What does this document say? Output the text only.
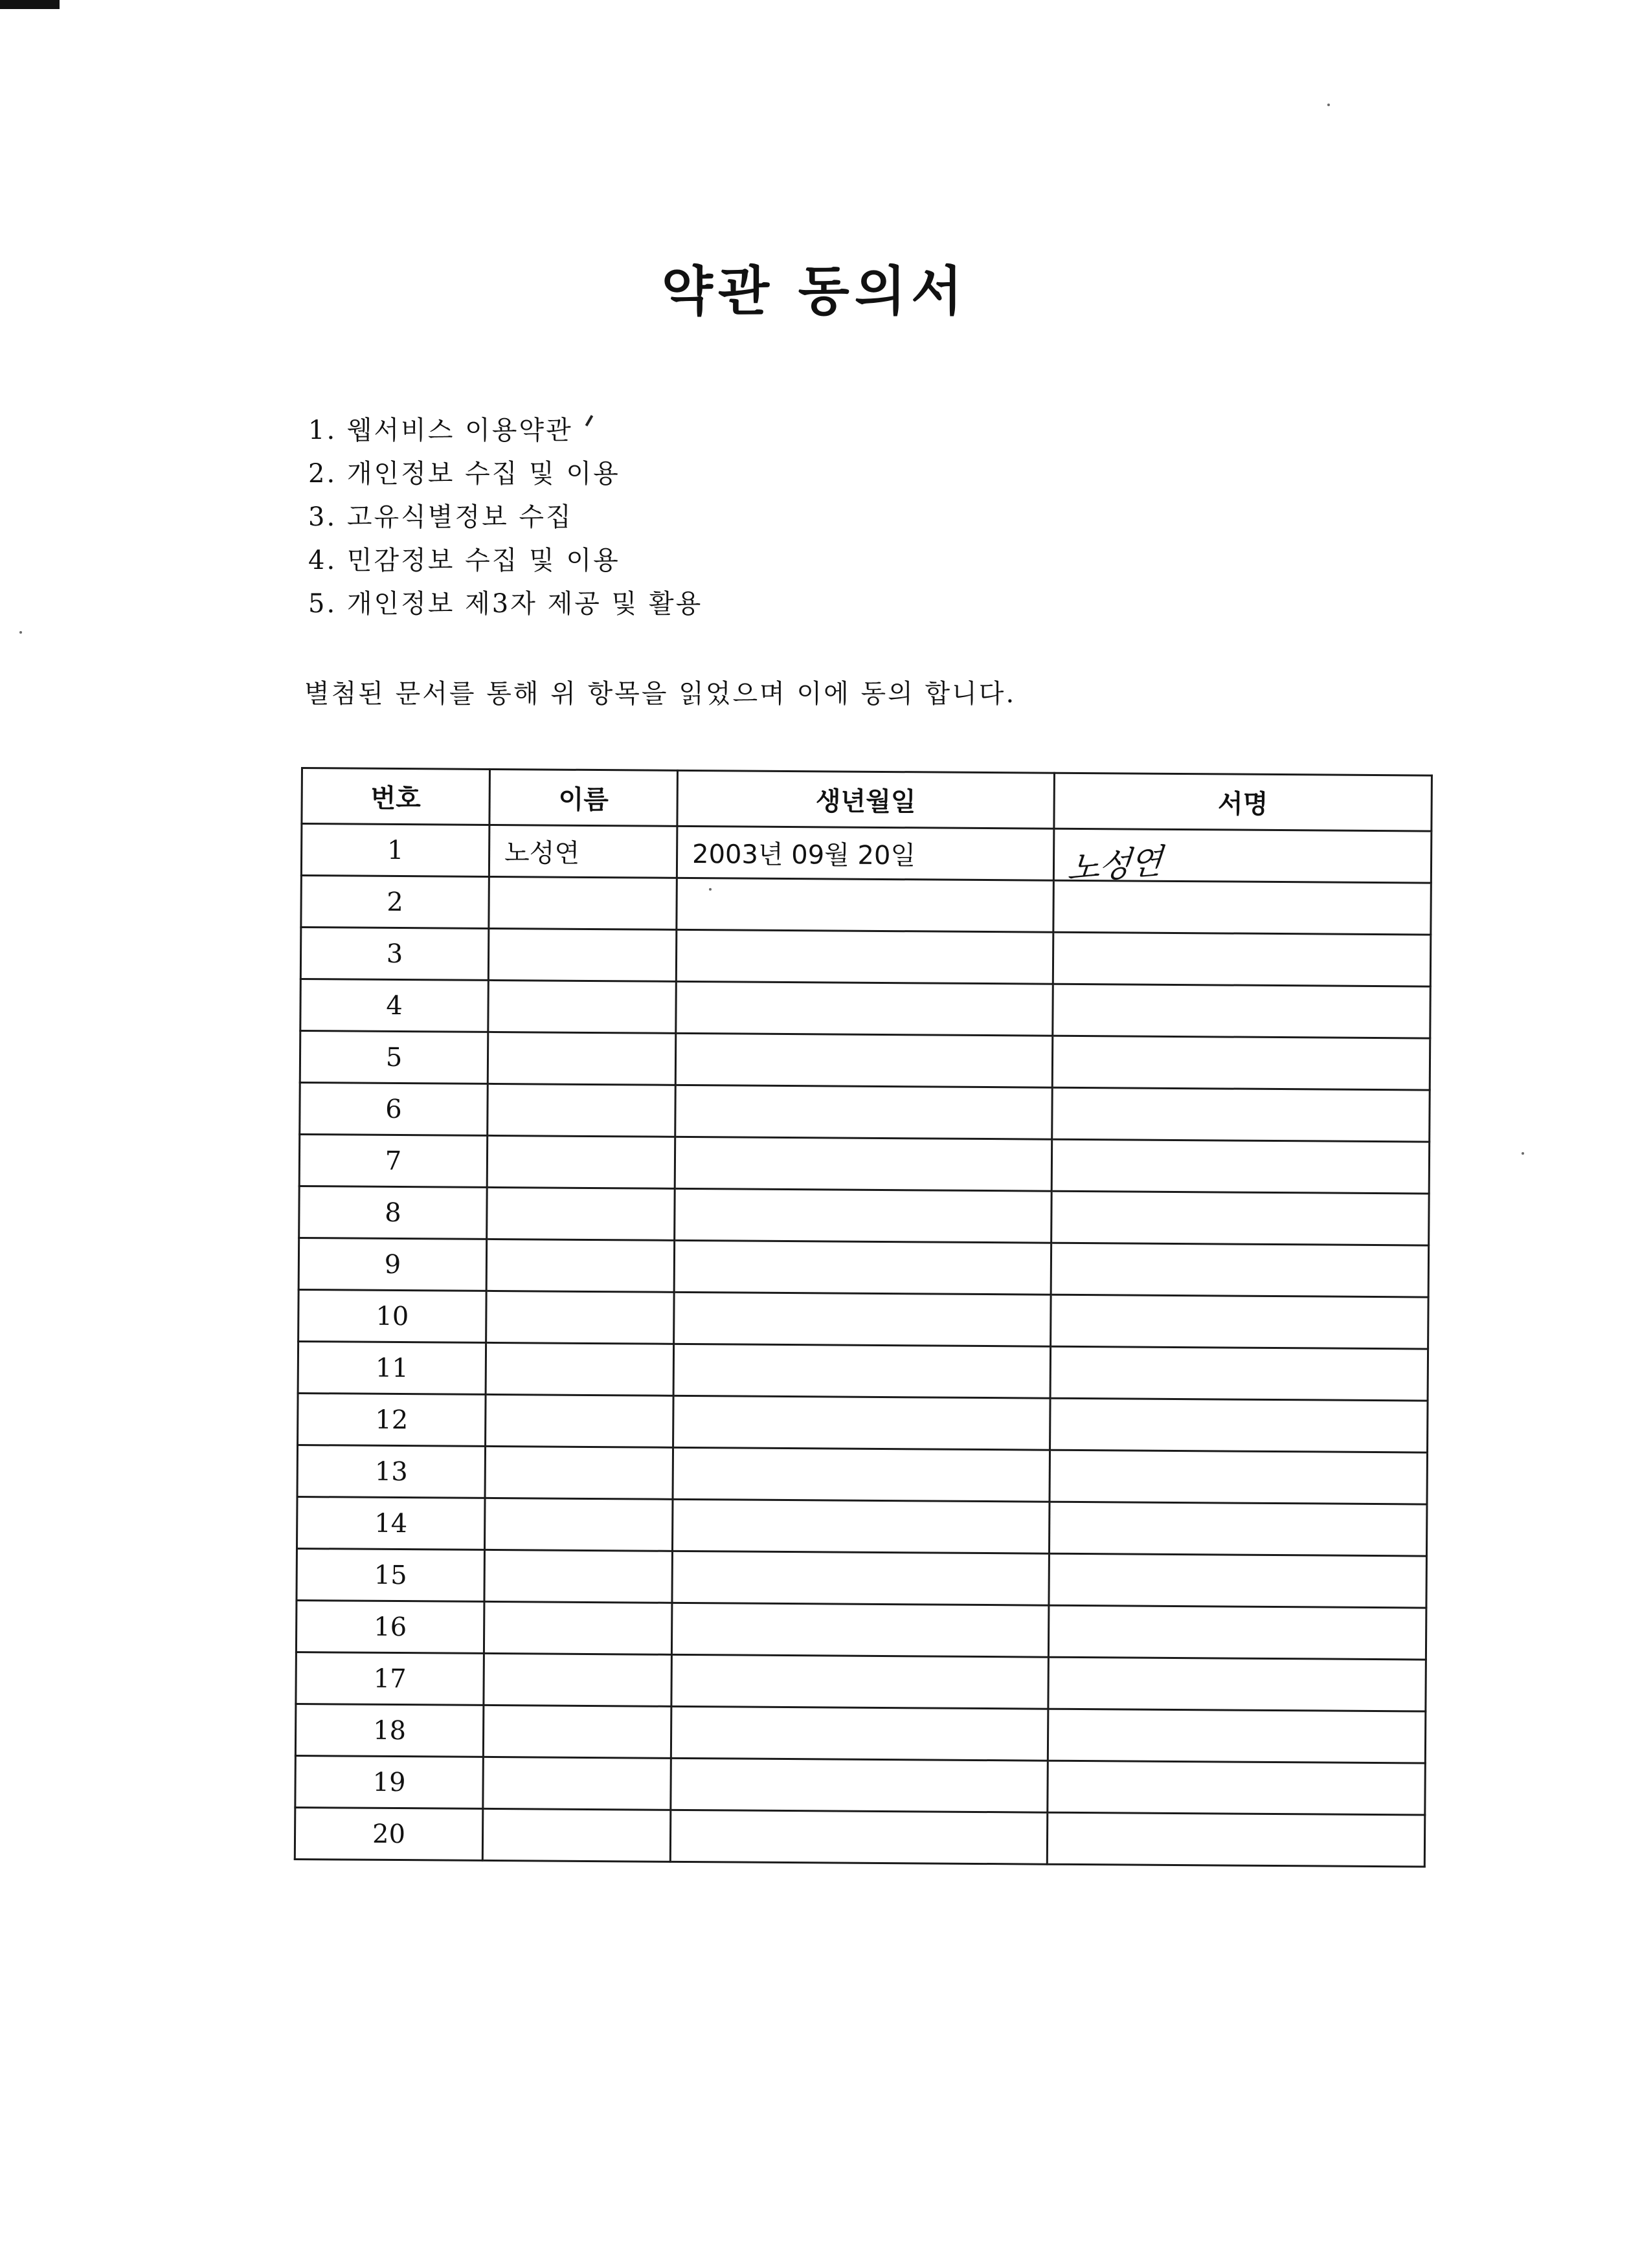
약관 동의서
1. 웹서비스 이용약관
2. 개인정보 수집 및 이용
3. 고유식별정보 수집
4. 민감정보 수집 및 이용
5. 개인정보 제3자 제공 및 활용

별첨된 문서를 통해 위 항목을 읽었으며 이에 동의 합니다.

번호	이름	생년월일	서명
1	노성연	2003년 09월 20일	노성연

2			
3			
4			
5			
6			
7			
8			
9			
10			
11			
12			
13			
14			
15			
16			
17			
18			
19			
20			
